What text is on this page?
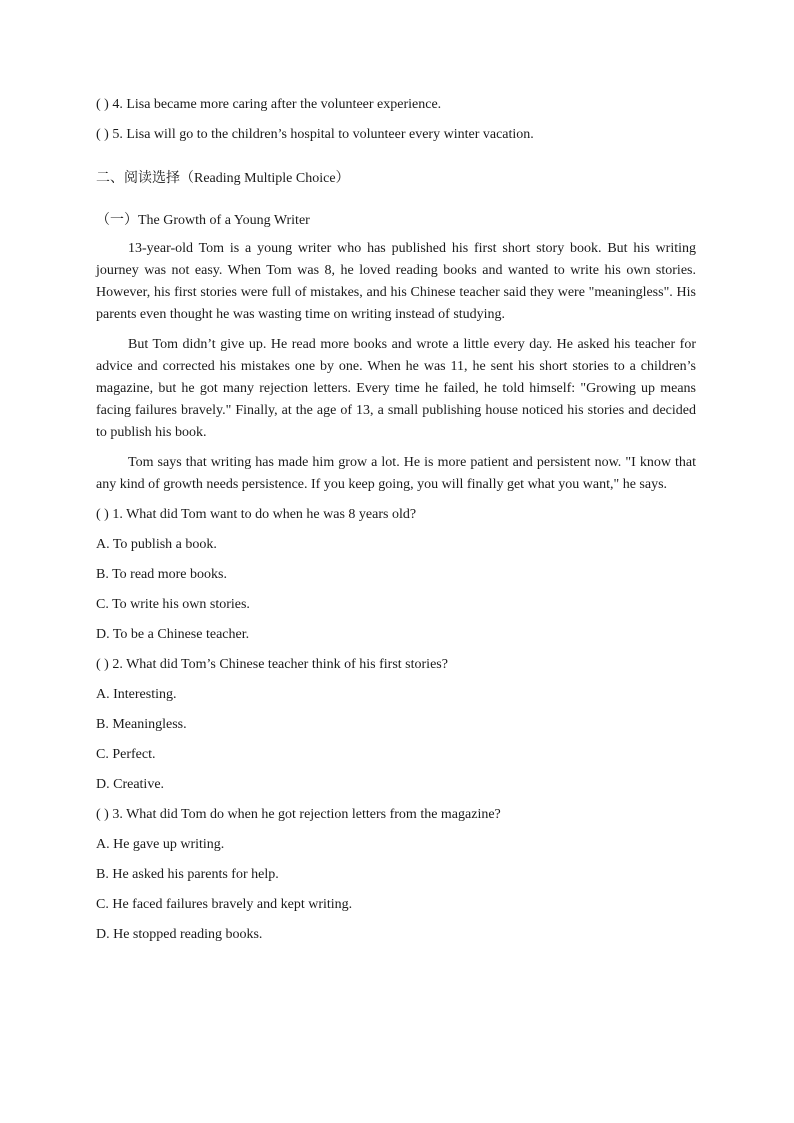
( ) 4. Lisa became more caring after the volunteer experience.
( ) 5. Lisa will go to the children’s hospital to volunteer every winter vacation.
二、阅读选择（Reading Multiple Choice）
（一）The Growth of a Young Writer

13-year-old Tom is a young writer who has published his first short story book. But his writing journey was not easy. When Tom was 8, he loved reading books and wanted to write his own stories. However, his first stories were full of mistakes, and his Chinese teacher said they were "meaningless". His parents even thought he was wasting time on writing instead of studying.

But Tom didn’t give up. He read more books and wrote a little every day. He asked his teacher for advice and corrected his mistakes one by one. When he was 11, he sent his short stories to a children’s magazine, but he got many rejection letters. Every time he failed, he told himself: "Growing up means facing failures bravely." Finally, at the age of 13, a small publishing house noticed his stories and decided to publish his book.

Tom says that writing has made him grow a lot. He is more patient and persistent now. "I know that any kind of growth needs persistence. If you keep going, you will finally get what you want," he says.

( ) 1. What did Tom want to do when he was 8 years old?
A. To publish a book.
B. To read more books.
C. To write his own stories.
D. To be a Chinese teacher.
( ) 2. What did Tom’s Chinese teacher think of his first stories?
A. Interesting.
B. Meaningless.
C. Perfect.
D. Creative.
( ) 3. What did Tom do when he got rejection letters from the magazine?
A. He gave up writing.
B. He asked his parents for help.
C. He faced failures bravely and kept writing.
D. He stopped reading books.
